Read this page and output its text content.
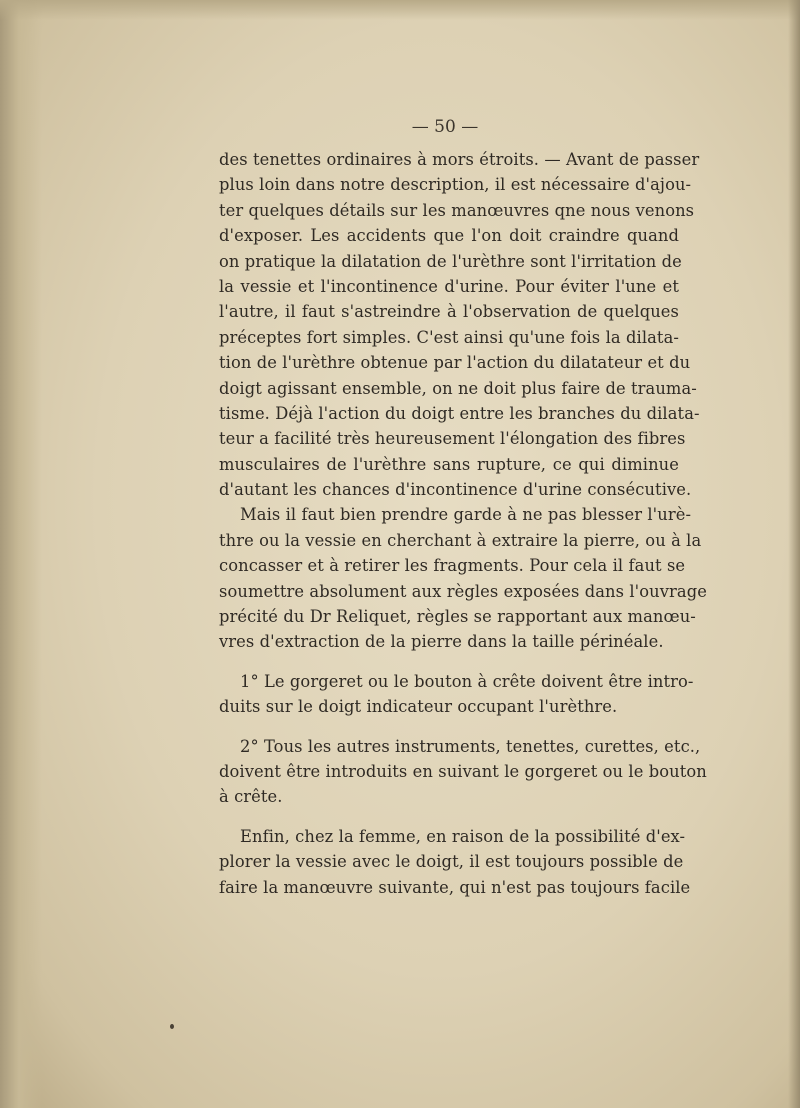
— 50 —
des tenettes ordinaires à mors étroits. — Avant de passer
plus loin dans notre description, il est nécessaire d'ajou-
ter quelques détails sur les manœuvres qne nous venons
d'exposer. Les accidents que l'on doit craindre quand
on pratique la dilatation de l'urèthre sont l'irritation de
la vessie et l'incontinence d'urine. Pour éviter l'une et
l'autre, il faut s'astreindre à l'observation de quelques
préceptes fort simples. C'est ainsi qu'une fois la dilata-
tion de l'urèthre obtenue par l'action du dilatateur et du
doigt agissant ensemble, on ne doit plus faire de trauma-
tisme. Déjà l'action du doigt entre les branches du dilata-
teur a facilité très heureusement l'élongation des fibres
musculaires de l'urèthre sans rupture, ce qui diminue
d'autant les chances d'incontinence d'urine consécutive.
Mais il faut bien prendre garde à ne pas blesser l'urè-
thre ou la vessie en cherchant à extraire la pierre, ou à la
concasser et à retirer les fragments. Pour cela il faut se
soumettre absolument aux règles exposées dans l'ouvrage
précité du Dr Reliquet, règles se rapportant aux manœu-
vres d'extraction de la pierre dans la taille périnéale.
1° Le gorgeret ou le bouton à crête doivent être intro-
duits sur le doigt indicateur occupant l'urèthre.
2° Tous les autres instruments, tenettes, curettes, etc.,
doivent être introduits en suivant le gorgeret ou le bouton
à crête.
Enfin, chez la femme, en raison de la possibilité d'ex-
plorer la vessie avec le doigt, il est toujours possible de
faire la manœuvre suivante, qui n'est pas toujours facile
